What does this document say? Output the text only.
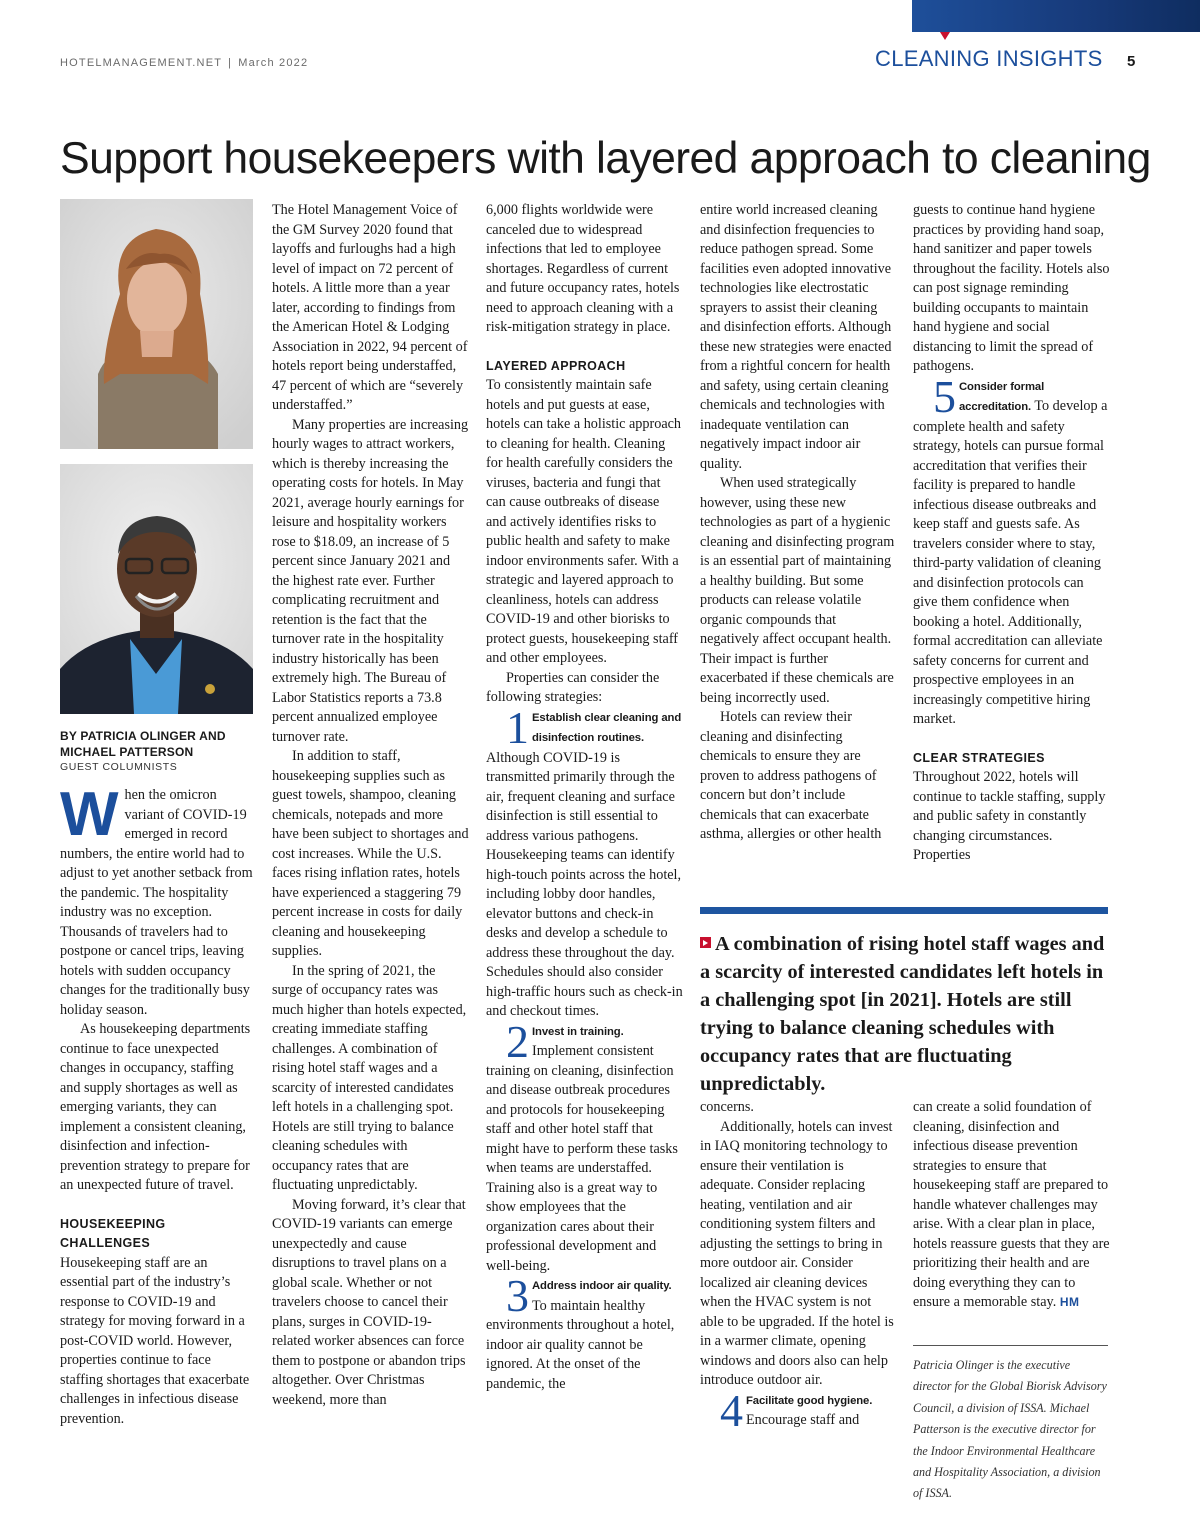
HOTELMANAGEMENT.NET | March 2022	CLEANING INSIGHTS 5
Support housekeepers with layered approach to cleaning
BY PATRICIA OLINGER AND
MICHAEL PATTERSON
GUEST COLUMNISTS

When the omicron variant of COVID-19 emerged in record numbers, the entire world had to adjust to yet another setback from the pandemic. The hospitality industry was no exception. Thousands of travelers had to postpone or cancel trips, leaving hotels with sudden occupancy changes for the traditionally busy holiday season.

As housekeeping departments continue to face unexpected changes in occupancy, staffing and supply shortages as well as emerging variants, they can implement a consistent cleaning, disinfection and infection-prevention strategy to prepare for an unexpected future of travel.

HOUSEKEEPING CHALLENGES

Housekeeping staff are an essential part of the industry’s response to COVID-19 and strategy for moving forward in a post-COVID world. However, properties continue to face staffing shortages that exacerbate challenges in infectious disease prevention.

The Hotel Management Voice of the GM Survey 2020 found that layoffs and furloughs had a high level of impact on 72 percent of hotels. A little more than a year later, according to findings from the American Hotel & Lodging Association in 2022, 94 percent of hotels report being understaffed, 47 percent of which are “severely understaffed.”

Many properties are increasing hourly wages to attract workers, which is thereby increasing the operating costs for hotels. In May 2021, average hourly earnings for leisure and hospitality workers rose to $18.09, an increase of 5 percent since January 2021 and the highest rate ever. Further complicating recruitment and retention is the fact that the turnover rate in the hospitality industry historically has been extremely high. The Bureau of Labor Statistics reports a 73.8 percent annualized employee turnover rate.

In addition to staff, housekeeping supplies such as guest towels, shampoo, cleaning chemicals, notepads and more have been subject to shortages and cost increases. While the U.S. faces rising inflation rates, hotels have experienced a staggering 79 percent increase in costs for daily cleaning and housekeeping supplies.

In the spring of 2021, the surge of occupancy rates was much higher than hotels expected, creating immediate staffing challenges. A combination of rising hotel staff wages and a scarcity of interested candidates left hotels in a challenging spot. Hotels are still trying to balance cleaning schedules with occupancy rates that are fluctuating unpredictably.

Moving forward, it’s clear that COVID-19 variants can emerge unexpectedly and cause disruptions to travel plans on a global scale. Whether or not travelers choose to cancel their plans, surges in COVID-19-related worker absences can force them to postpone or abandon trips altogether. Over Christmas weekend, more than

6,000 flights worldwide were canceled due to widespread infections that led to employee shortages. Regardless of current and future occupancy rates, hotels need to approach cleaning with a risk-mitigation strategy in place.

LAYERED APPROACH

To consistently maintain safe hotels and put guests at ease, hotels can take a holistic approach to cleaning for health. Cleaning for health carefully considers the viruses, bacteria and fungi that can cause outbreaks of disease and actively identifies risks to public health and safety to make indoor environments safer. With a strategic and layered approach to cleanliness, hotels can address COVID-19 and other biorisks to protect guests, housekeeping staff and other employees.

Properties can consider the following strategies:

1 Establish clear cleaning and disinfection routines. Although COVID-19 is transmitted primarily through the air, frequent cleaning and surface disinfection is still essential to address various pathogens. Housekeeping teams can identify high-touch points across the hotel, including lobby door handles, elevator buttons and check-in desks and develop a schedule to address these throughout the day. Schedules should also consider high-traffic hours such as check-in and checkout times.

2 Invest in training. Implement consistent training on cleaning, disinfection and disease outbreak procedures and protocols for housekeeping staff and other hotel staff that might have to perform these tasks when teams are understaffed. Training also is a great way to show employees that the organization cares about their professional development and well-being.

3 Address indoor air quality. To maintain healthy environments throughout a hotel, indoor air quality cannot be ignored. At the onset of the pandemic, the

entire world increased cleaning and disinfection frequencies to reduce pathogen spread. Some facilities even adopted innovative technologies like electrostatic sprayers to assist their cleaning and disinfection efforts. Although these new strategies were enacted from a rightful concern for health and safety, using certain cleaning chemicals and technologies with inadequate ventilation can negatively impact indoor air quality.

When used strategically however, using these new technologies as part of a hygienic cleaning and disinfecting program is an essential part of maintaining a healthy building. But some products can release volatile organic compounds that negatively affect occupant health. Their impact is further exacerbated if these chemicals are being incorrectly used.

Hotels can review their cleaning and disinfecting chemicals to ensure they are proven to address pathogens of concern but don’t include chemicals that can exacerbate asthma, allergies or other health

guests to continue hand hygiene practices by providing hand soap, hand sanitizer and paper towels throughout the facility. Hotels also can post signage reminding building occupants to maintain hand hygiene and social distancing to limit the spread of pathogens.

5 Consider formal accreditation. To develop a complete health and safety strategy, hotels can pursue formal accreditation that verifies their facility is prepared to handle infectious disease outbreaks and keep staff and guests safe. As travelers consider where to stay, third-party validation of cleaning and disinfection protocols can give them confidence when booking a hotel. Additionally, formal accreditation can alleviate safety concerns for current and prospective employees in an increasingly competitive hiring market.

CLEAR STRATEGIES

Throughout 2022, hotels will continue to tackle staffing, supply and public safety in constantly changing circumstances. Properties

A combination of rising hotel staff wages and a scarcity of interested candidates left hotels in a challenging spot [in 2021]. Hotels are still trying to balance cleaning schedules with occupancy rates that are fluctuating unpredictably.

concerns.

Additionally, hotels can invest in IAQ monitoring technology to ensure their ventilation is adequate. Consider replacing heating, ventilation and air conditioning system filters and adjusting the settings to bring in more outdoor air. Consider localized air cleaning devices when the HVAC system is not able to be upgraded. If the hotel is in a warmer climate, opening windows and doors also can help introduce outdoor air.

4 Facilitate good hygiene. Encourage staff and

can create a solid foundation of cleaning, disinfection and infectious disease prevention strategies to ensure that housekeeping staff are prepared to handle whatever challenges may arise. With a clear plan in place, hotels reassure guests that they are prioritizing their health and are doing everything they can to ensure a memorable stay. HM

Patricia Olinger is the executive director for the Global Biorisk Advisory Council, a division of ISSA. Michael Patterson is the executive director for the Indoor Environmental Healthcare and Hospitality Association, a division of ISSA.
